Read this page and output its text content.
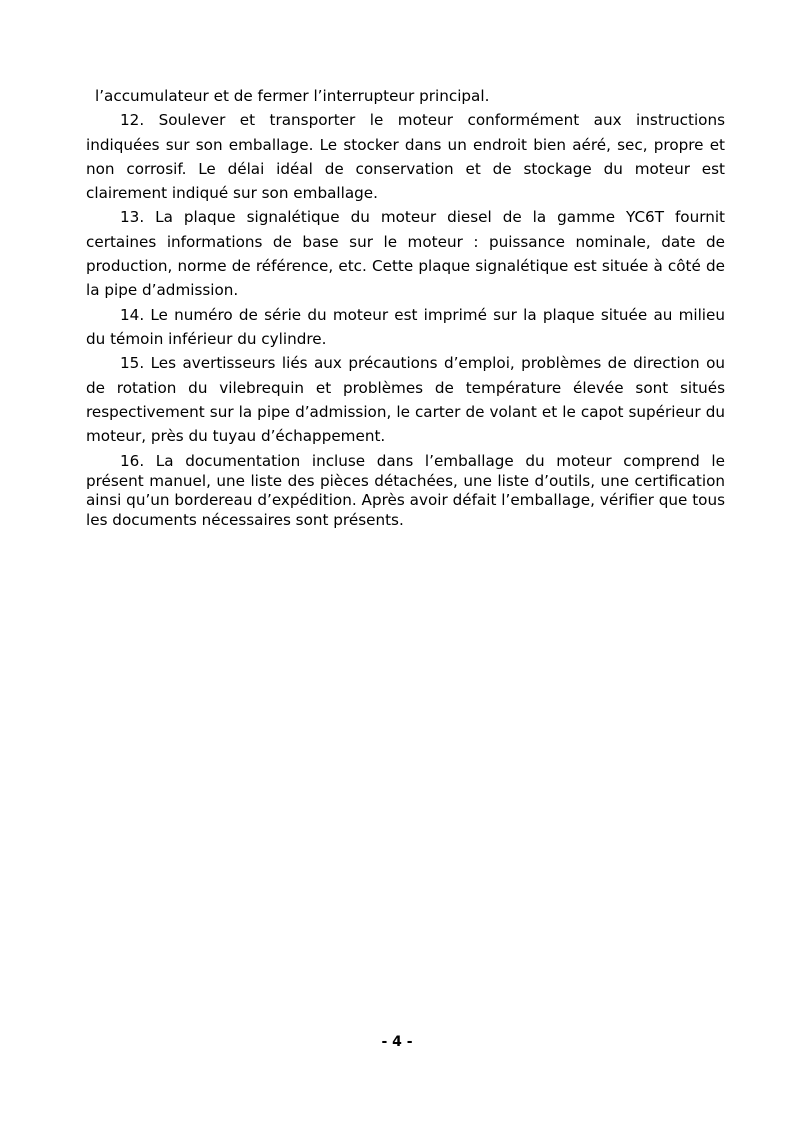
l’accumulateur et de fermer l’interrupteur principal.

12. Soulever et transporter le moteur conformément aux instructions indiquées sur son emballage. Le stocker dans un endroit bien aéré, sec, propre et non corrosif. Le délai idéal de conservation et de stockage du moteur est clairement indiqué sur son emballage.

13. La plaque signalétique du moteur diesel de la gamme YC6T fournit certaines informations de base sur le moteur : puissance nominale, date de production, norme de référence, etc. Cette plaque signalétique est située à côté de la pipe d’admission.

14. Le numéro de série du moteur est imprimé sur la plaque située au milieu du témoin inférieur du cylindre.

15. Les avertisseurs liés aux précautions d’emploi, problèmes de direction ou de rotation du vilebrequin et problèmes de température élevée sont situés respectivement sur la pipe d’admission, le carter de volant et le capot supérieur du moteur, près du tuyau d’échappement.

16. La documentation incluse dans l’emballage du moteur comprend le présent manuel, une liste des pièces détachées, une liste d’outils, une certification ainsi qu’un bordereau d’expédition. Après avoir défait l’emballage, vérifier que tous les documents nécessaires sont présents.

- 4 -
